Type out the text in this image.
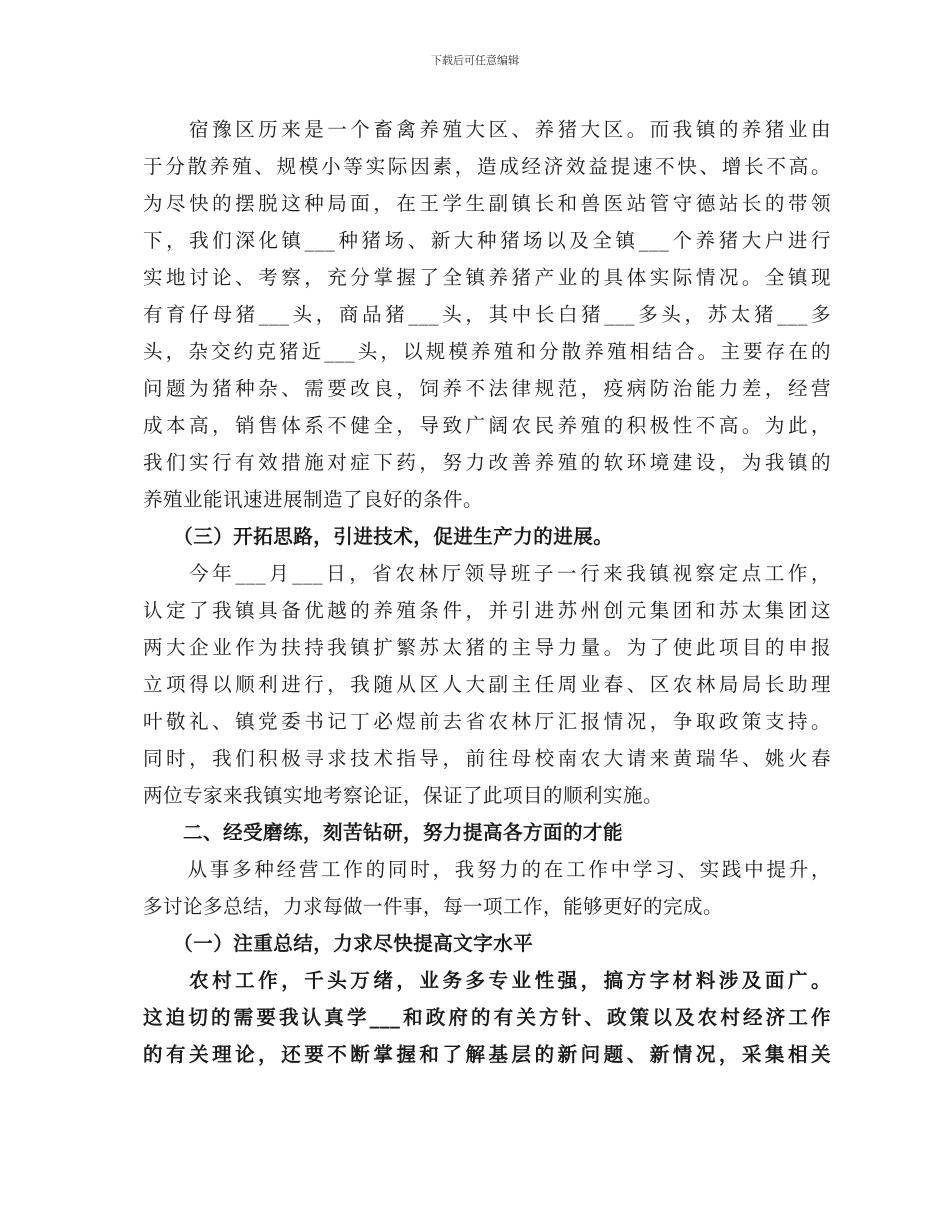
下载后可任意编辑
　　宿豫区历来是一个畜禽养殖大区、养猪大区。而我镇的养猪业由
于分散养殖、规模小等实际因素，造成经济效益提速不快、增长不高。
为尽快的摆脱这种局面，在王学生副镇长和兽医站管守德站长的带领
下，我们深化镇___种猪场、新大种猪场以及全镇___个养猪大户进行
实地讨论、考察，充分掌握了全镇养猪产业的具体实际情况。全镇现
有育仔母猪___头，商品猪___头，其中长白猪___多头，苏太猪___多
头，杂交约克猪近___头，以规模养殖和分散养殖相结合。主要存在的
问题为猪种杂、需要改良，饲养不法律规范，疫病防治能力差，经营
成本高，销售体系不健全，导致广阔农民养殖的积极性不高。为此，
我们实行有效措施对症下药，努力改善养殖的软环境建设，为我镇的
养殖业能讯速进展制造了良好的条件。
　　（三）开拓思路，引进技术，促进生产力的进展。
　　今年___月___日，省农林厅领导班子一行来我镇视察定点工作，
认定了我镇具备优越的养殖条件，并引进苏州创元集团和苏太集团这
两大企业作为扶持我镇扩繁苏太猪的主导力量。为了使此项目的申报
立项得以顺利进行，我随从区人大副主任周业春、区农林局局长助理
叶敬礼、镇党委书记丁必煜前去省农林厅汇报情况，争取政策支持。
同时，我们积极寻求技术指导，前往母校南农大请来黄瑞华、姚火春
两位专家来我镇实地考察论证，保证了此项目的顺利实施。
　　二、经受磨练，刻苦钻研，努力提高各方面的才能
　　从事多种经营工作的同时，我努力的在工作中学习、实践中提升，
多讨论多总结，力求每做一件事，每一项工作，能够更好的完成。
　　（一）注重总结，力求尽快提高文字水平
　　农村工作，千头万绪，业务多专业性强，搞方字材料涉及面广。
这迫切的需要我认真学___和政府的有关方针、政策以及农村经济工作
的有关理论，还要不断掌握和了解基层的新问题、新情况，采集相关
